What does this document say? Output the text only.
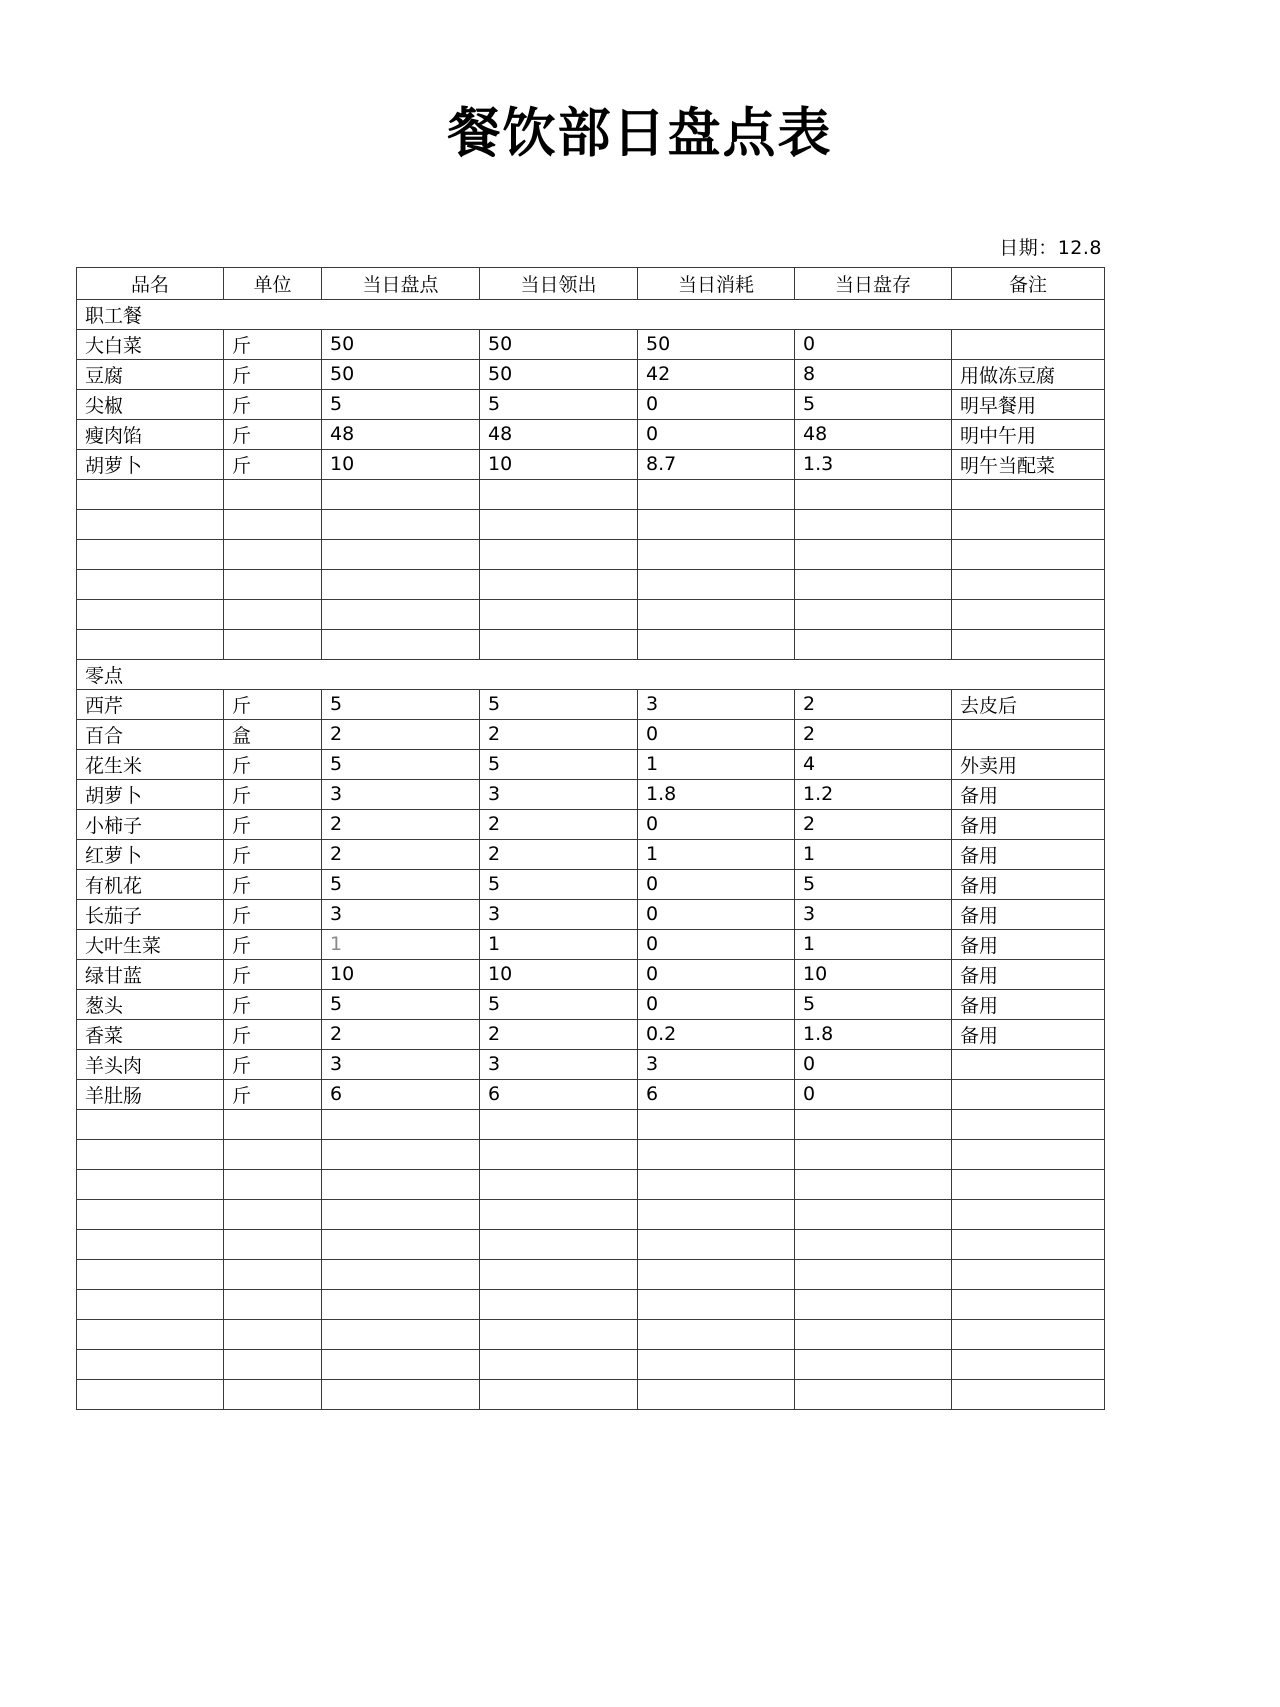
餐饮部日盘点表
日期：12.8
品名	单位	当日盘点	当日领出	当日消耗	当日盘存	备注
职工餐						
大白菜	斤	50	50	50	0	
豆腐	斤	50	50	42	8	用做冻豆腐
尖椒	斤	5	5	0	5	明早餐用
瘦肉馅	斤	48	48	0	48	明中午用
胡萝卜	斤	10	10	8.7	1.3	明午当配菜

零点						
西芹	斤	5	5	3	2	去皮后
百合	盒	2	2	0	2	
花生米	斤	5	5	1	4	外卖用
胡萝卜	斤	3	3	1.8	1.2	备用
小柿子	斤	2	2	0	2	备用
红萝卜	斤	2	2	1	1	备用
有机花	斤	5	5	0	5	备用
长茄子	斤	3	3	0	3	备用
大叶生菜	斤	1	1	0	1	备用
绿甘蓝	斤	10	10	0	10	备用
葱头	斤	5	5	0	5	备用
香菜	斤	2	2	0.2	1.8	备用
羊头肉	斤	3	3	3	0	
羊肚肠	斤	6	6	6	0	
